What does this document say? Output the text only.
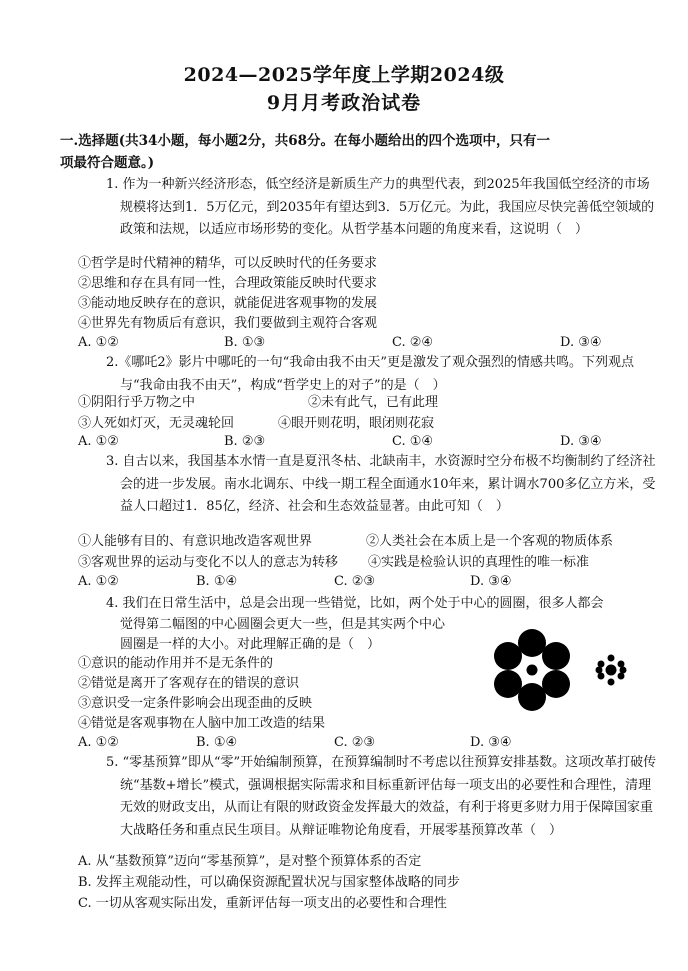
2024—2025学年度上学期2024级
9月月考政治试卷
一.选择题(共34小题，每小题2分，共68分。在每小题给出的四个选项中，只有一
项最符合题意。)
1. 作为一种新兴经济形态，低空经济是新质生产力的典型代表，到2025年我国低空经济的市场规模将达到1．5万亿元，到2035年有望达到3．5万亿元。为此，我国应尽快完善低空领域的政策和法规，以适应市场形势的变化。从哲学基本问题的角度来看，这说明（　）
①哲学是时代精神的精华，可以反映时代的任务要求
②思维和存在具有同一性，合理政策能反映时代要求
③能动地反映存在的意识，就能促进客观事物的发展
④世界先有物质后有意识，我们要做到主观符合客观
A. ①②	B. ①③	C. ②④	D. ③④
2.《哪吒2》影片中哪吒的一句“我命由我不由天”更是激发了观众强烈的情感共鸣。下列观点与“我命由我不由天”，构成“哲学史上的对子”的是（　）
①阴阳行乎万物之中	②未有此气，已有此理
③人死如灯灭，无灵魂轮回	④眼开则花明，眼闭则花寂
A. ①②	B. ②③	C. ①④	D. ③④
3. 自古以来，我国基本水情一直是夏汛冬枯、北缺南丰，水资源时空分布极不均衡制约了经济社会的进一步发展。南水北调东、中线一期工程全面通水10年来，累计调水700多亿立方米，受益人口超过1．85亿，经济、社会和生态效益显著。由此可知（　）
①人能够有目的、有意识地改造客观世界	②人类社会在本质上是一个客观的物质体系
③客观世界的运动与变化不以人的意志为转移 ④实践是检验认识的真理性的唯一标准
A. ①②	B. ①④	C. ②③	D. ③④
4. 我们在日常生活中，总是会出现一些错觉，比如，两个处于中心的圆圈，很多人都会
觉得第二幅图的中心圆圈会更大一些，但是其实两个中心
圆圈是一样的大小。对此理解正确的是（　）
①意识的能动作用并不是无条件的
②错觉是离开了客观存在的错误的意识
③意识受一定条件影响会出现歪曲的反映
④错觉是客观事物在人脑中加工改造的结果
A. ①②	B. ①④	C. ②③	D. ③④
5. “零基预算”即从“零”开始编制预算，在预算编制时不考虑以往预算安排基数。这项改革打破传统“基数+增长”模式，强调根据实际需求和目标重新评估每一项支出的必要性和合理性，清理无效的财政支出，从而让有限的财政资金发挥最大的效益，有利于将更多财力用于保障国家重大战略任务和重点民生项目。从辩证唯物论角度看，开展零基预算改革（　）
A. 从“基数预算”迈向“零基预算”，是对整个预算体系的否定
B. 发挥主观能动性，可以确保资源配置状况与国家整体战略的同步
C. 一切从客观实际出发，重新评估每一项支出的必要性和合理性
